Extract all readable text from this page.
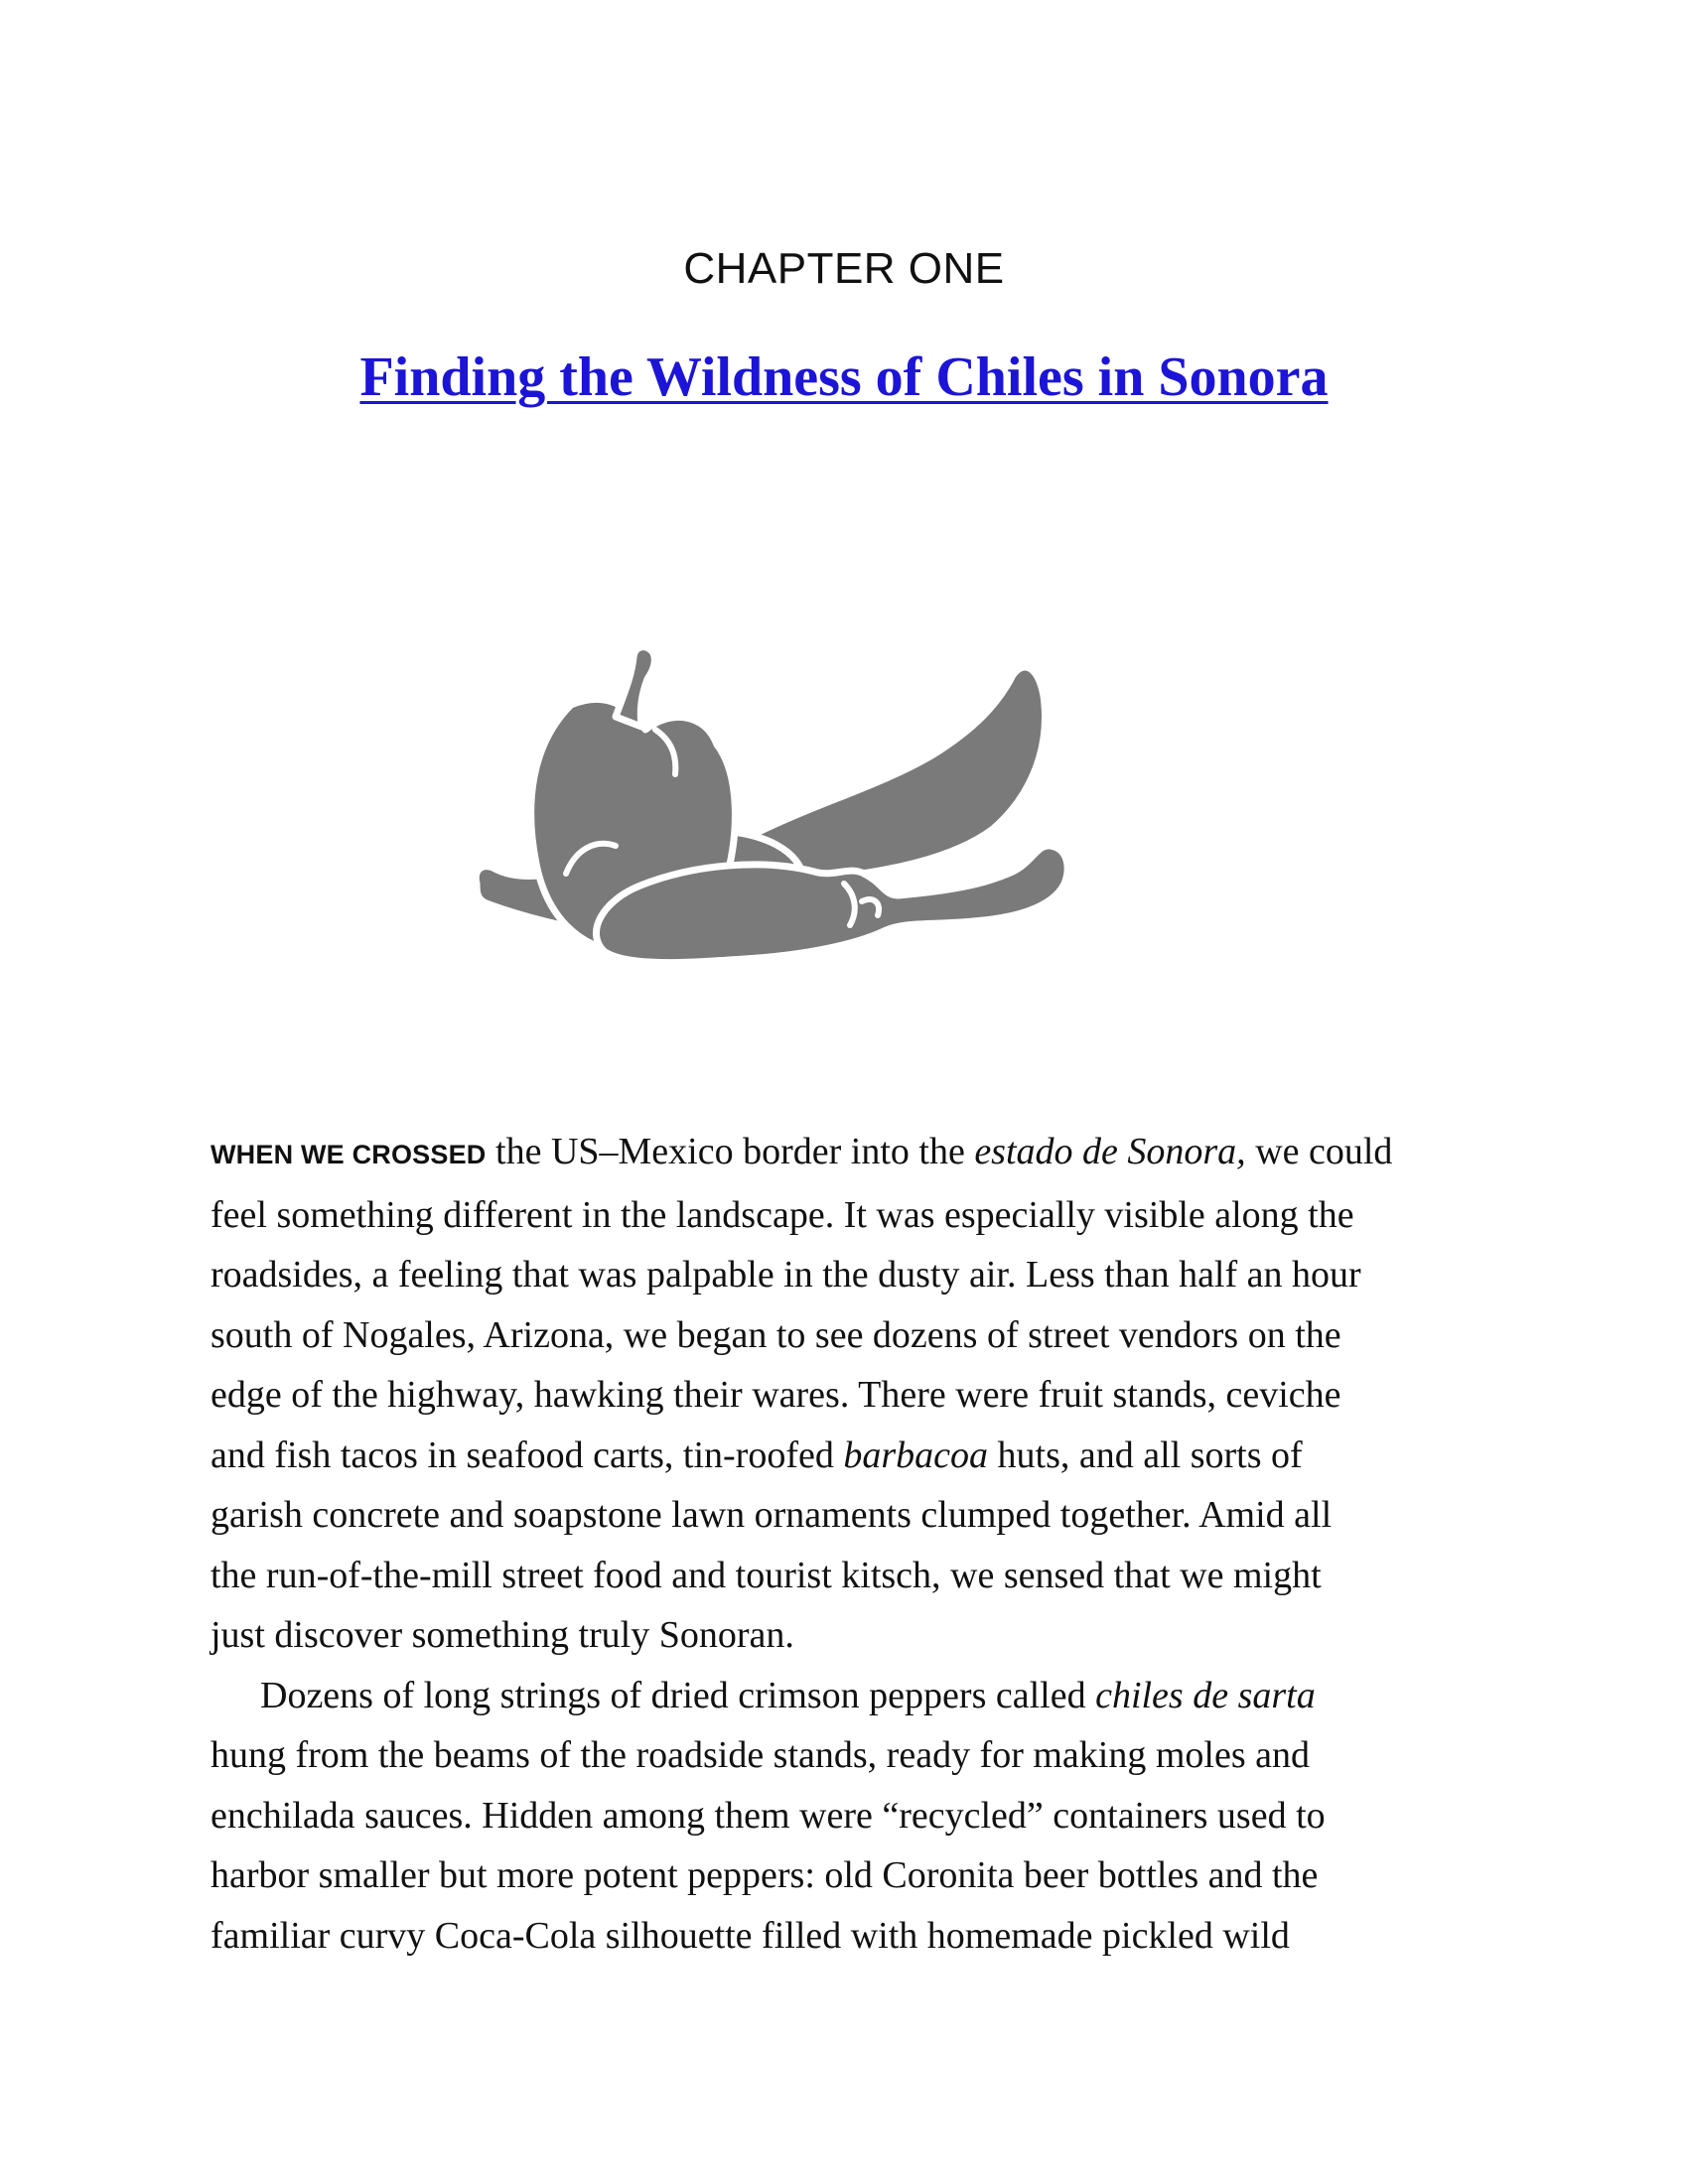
CHAPTER ONE
Finding the Wildness of Chiles in Sonora

WHEN WE CROSSED the US–Mexico border into the estado de Sonora, we could
feel something different in the landscape. It was especially visible along the
roadsides, a feeling that was palpable in the dusty air. Less than half an hour
south of Nogales, Arizona, we began to see dozens of street vendors on the
edge of the highway, hawking their wares. There were fruit stands, ceviche
and fish tacos in seafood carts, tin-roofed barbacoa huts, and all sorts of
garish concrete and soapstone lawn ornaments clumped together. Amid all
the run-of-the-mill street food and tourist kitsch, we sensed that we might
just discover something truly Sonoran.

Dozens of long strings of dried crimson peppers called chiles de sarta
hung from the beams of the roadside stands, ready for making moles and
enchilada sauces. Hidden among them were “recycled” containers used to
harbor smaller but more potent peppers: old Coronita beer bottles and the
familiar curvy Coca-Cola silhouette filled with homemade pickled wild
